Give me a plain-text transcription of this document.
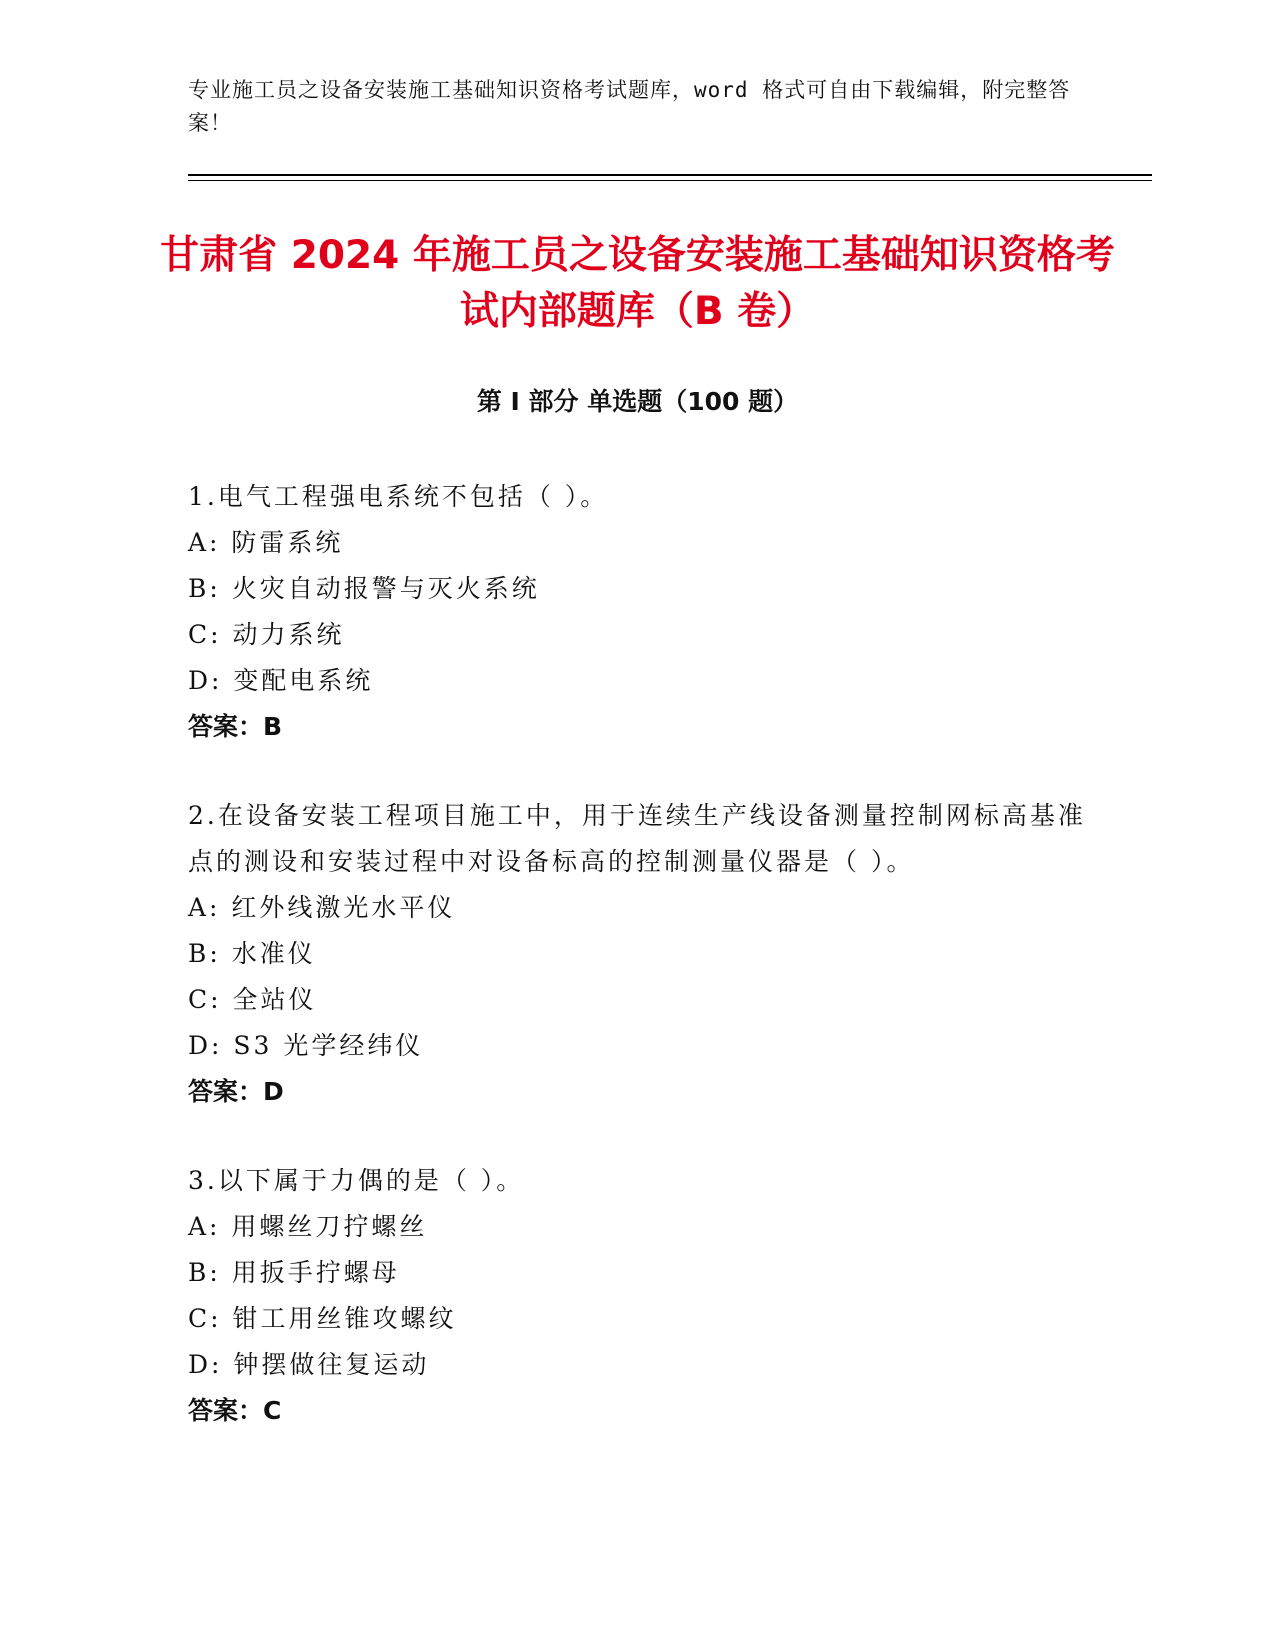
专业施工员之设备安装施工基础知识资格考试题库，word 格式可自由下载编辑，附完整答案！
甘肃省 2024 年施工员之设备安装施工基础知识资格考试内部题库（B 卷）
第 I 部分 单选题（100 题）
1.电气工程强电系统不包括（ ）。
A: 防雷系统
B: 火灾自动报警与灭火系统
C: 动力系统
D: 变配电系统
答案：B
2.在设备安装工程项目施工中，用于连续生产线设备测量控制网标高基准点的测设和安装过程中对设备标高的控制测量仪器是（ ）。
A: 红外线激光水平仪
B: 水准仪
C: 全站仪
D: S3 光学经纬仪
答案：D
3.以下属于力偶的是（ ）。
A: 用螺丝刀拧螺丝
B: 用扳手拧螺母
C: 钳工用丝锥攻螺纹
D: 钟摆做往复运动
答案：C
